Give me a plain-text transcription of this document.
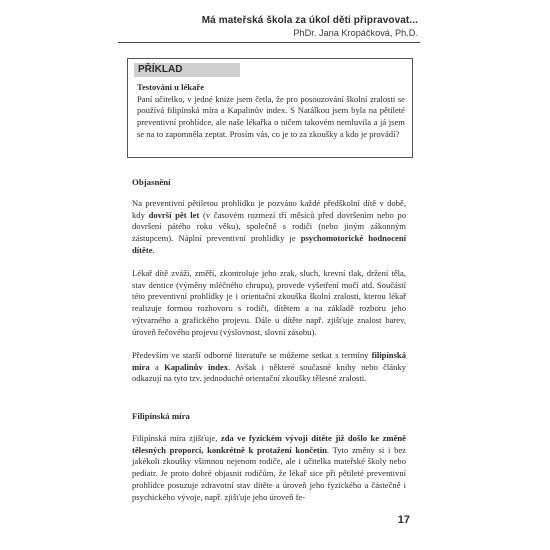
Má mateřská škola za úkol děti připravovat...
PhDr. Jana Kropáčková, Ph.D.
PŘÍKLAD
Testování u lékaře
Paní učitelko, v jedné knize jsem četla, že pro posouzování školní zralosti se používá filipínská míra a Kapalinův index. S Natálkou jsem byla na pětileté preventivní prohlídce, ale naše lékařka o ničem takovém nemluvila a já jsem se na to zapomněla zeptat. Prosím vás, co je to za zkoušky a kdo je provádí?
Objasnění
Na preventivní pětiletou prohlídku je pozváno každé předškolní dítě v době, kdy dovrší pět let (v časovém rozmezí tří měsíců před dovršením nebo po dovršení pátého roku věku), společně s rodiči (nebo jiným zákonným zástupcem). Náplní preventivní prohlídky je psychomotorické hodnocení dítěte.
Lékař dítě zváží, změří, zkontroluje jeho zrak, sluch, krevní tlak, držení těla, stav dentice (výměny mléčného chrupu), provede vyšetření močí atd. Součástí této preventivní prohlídky je i orientační zkouška školní zralosti, kterou lékař realizuje formou rozhovoru s rodiči, dítětem a na základě rozboru jeho výtvarného a grafického projevu. Dále u dítěte např. zjišťuje znalost barev, úroveň řečového projevu (výslovnost, slovní zásobu).
Především ve starší odborné literatuře se můžeme setkat s termíny filipínská míra a Kapalinův index. Avšak i některé současné knihy nebo články odkazují na tyto tzv. jednoduché orientační zkoušky tělesné zralosti.
Filipínská míra
Filipínská míra zjišťuje, zda ve fyzickém vývoji dítěte již došlo ke změně tělesných proporcí, konkrétně k protažení končetin. Tyto změny si i bez jakékoli zkoušky všimnou nejenom rodiče, ale i učitelka mateřské školy nebo pediatr. Je proto dobré objasnit rodičům, že lékař sice při pětileté preventivní prohlídce posuzuje zdravotní stav dítěte a úroveň jeho fyzického a částečně i psychického vývoje, např. zjišťuje jeho úroveň fe-
17
